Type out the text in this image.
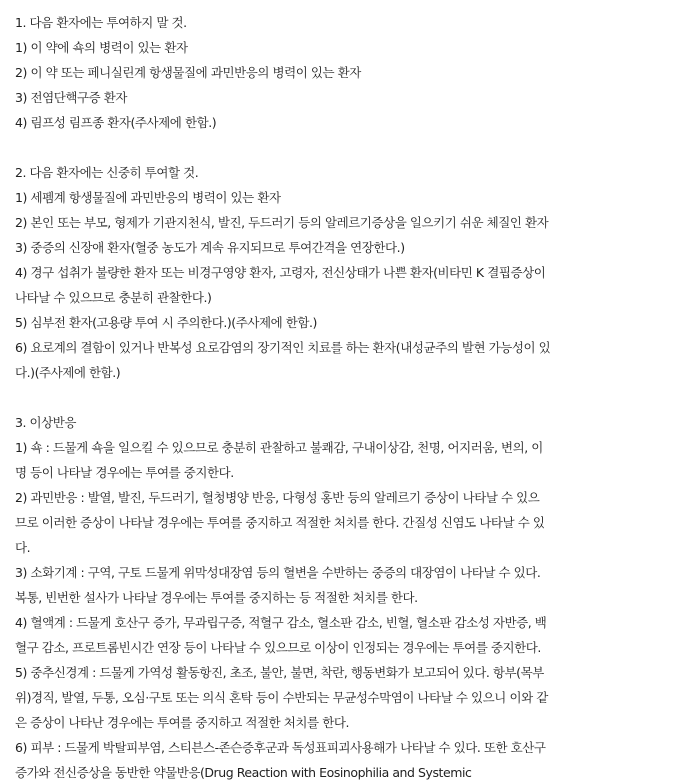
1. 다음 환자에는 투여하지 말 것.
1) 이 약에 쇽의 병력이 있는 환자
2) 이 약 또는 페니실린계 항생물질에 과민반응의 병력이 있는 환자
3) 전염단핵구증 환자
4) 림프성 림프종 환자(주사제에 한함.)
2. 다음 환자에는 신중히 투여할 것.
1) 세펨계 항생물질에 과민반응의 병력이 있는 환자
2) 본인 또는 부모, 형제가 기관지천식, 발진, 두드러기 등의 알레르기증상을 일으키기 쉬운 체질인 환자
3) 중증의 신장애 환자(혈중 농도가 계속 유지되므로 투여간격을 연장한다.)
4) 경구 섭취가 불량한 환자 또는 비경구영양 환자, 고령자, 전신상태가 나쁜 환자(비타민 K 결핍증상이
나타날 수 있으므로 충분히 관찰한다.)
5) 심부전 환자(고용량 투여 시 주의한다.)(주사제에 한함.)
6) 요로계의 결함이 있거나 반복성 요로감염의 장기적인 치료를 하는 환자(내성균주의 발현 가능성이 있
다.)(주사제에 한함.)
3. 이상반응
1) 쇽 : 드물게 쇽을 일으킬 수 있으므로 충분히 관찰하고 불쾌감, 구내이상감, 천명, 어지러움, 변의, 이
명 등이 나타날 경우에는 투여를 중지한다.
2) 과민반응 : 발열, 발진, 두드러기, 혈청병양 반응, 다형성 홍반 등의 알레르기 증상이 나타날 수 있으
므로 이러한 증상이 나타날 경우에는 투여를 중지하고 적절한 처치를 한다. 간질성 신염도 나타날 수 있
다.
3) 소화기계 : 구역, 구토 드물게 위막성대장염 등의 혈변을 수반하는 중증의 대장염이 나타날 수 있다.
복통, 빈번한 설사가 나타날 경우에는 투여를 중지하는 등 적절한 처치를 한다.
4) 혈액계 : 드물게 호산구 증가, 무과립구증, 적혈구 감소, 혈소판 감소, 빈혈, 혈소판 감소성 자반증, 백
혈구 감소, 프로트롬빈시간 연장 등이 나타날 수 있으므로 이상이 인정되는 경우에는 투여를 중지한다.
5) 중추신경계 : 드물게 가역성 활동항진, 초조, 불안, 불면, 착란, 행동변화가 보고되어 있다. 항부(목부
위)경직, 발열, 두통, 오심·구토 또는 의식 혼탁 등이 수반되는 무균성수막염이 나타날 수 있으니 이와 같
은 증상이 나타난 경우에는 투여를 중지하고 적절한 처치를 한다.
6) 피부 : 드물게 박탈피부염, 스티븐스-존슨증후군과 독성표피괴사용해가 나타날 수 있다. 또한 호산구
증가와 전신증상을 동반한 약물반응(Drug Reaction with Eosinophilia and Systemic
